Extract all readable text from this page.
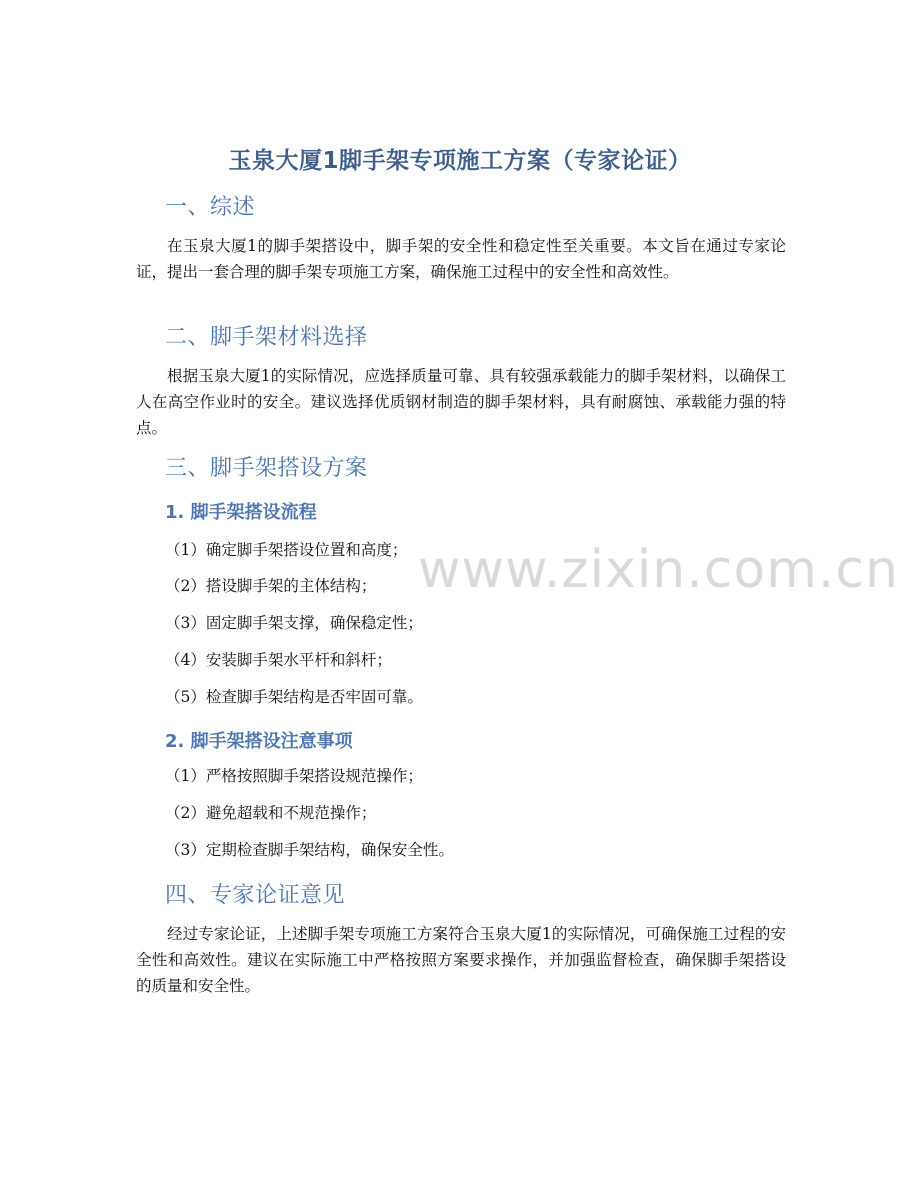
玉泉大厦1脚手架专项施工方案（专家论证）
一、综述
在玉泉大厦1的脚手架搭设中，脚手架的安全性和稳定性至关重要。本文旨在通过专家论证，提出一套合理的脚手架专项施工方案，确保施工过程中的安全性和高效性。
二、脚手架材料选择
根据玉泉大厦1的实际情况，应选择质量可靠、具有较强承载能力的脚手架材料，以确保工人在高空作业时的安全。建议选择优质钢材制造的脚手架材料，具有耐腐蚀、承载能力强的特点。
三、脚手架搭设方案
1. 脚手架搭设流程
（1）确定脚手架搭设位置和高度；
（2）搭设脚手架的主体结构；
（3）固定脚手架支撑，确保稳定性；
（4）安装脚手架水平杆和斜杆；
（5）检查脚手架结构是否牢固可靠。
2. 脚手架搭设注意事项
（1）严格按照脚手架搭设规范操作；
（2）避免超载和不规范操作；
（3）定期检查脚手架结构，确保安全性。
四、专家论证意见
经过专家论证，上述脚手架专项施工方案符合玉泉大厦1的实际情况，可确保施工过程的安全性和高效性。建议在实际施工中严格按照方案要求操作，并加强监督检查，确保脚手架搭设的质量和安全性。
www.zixin.com.cn
